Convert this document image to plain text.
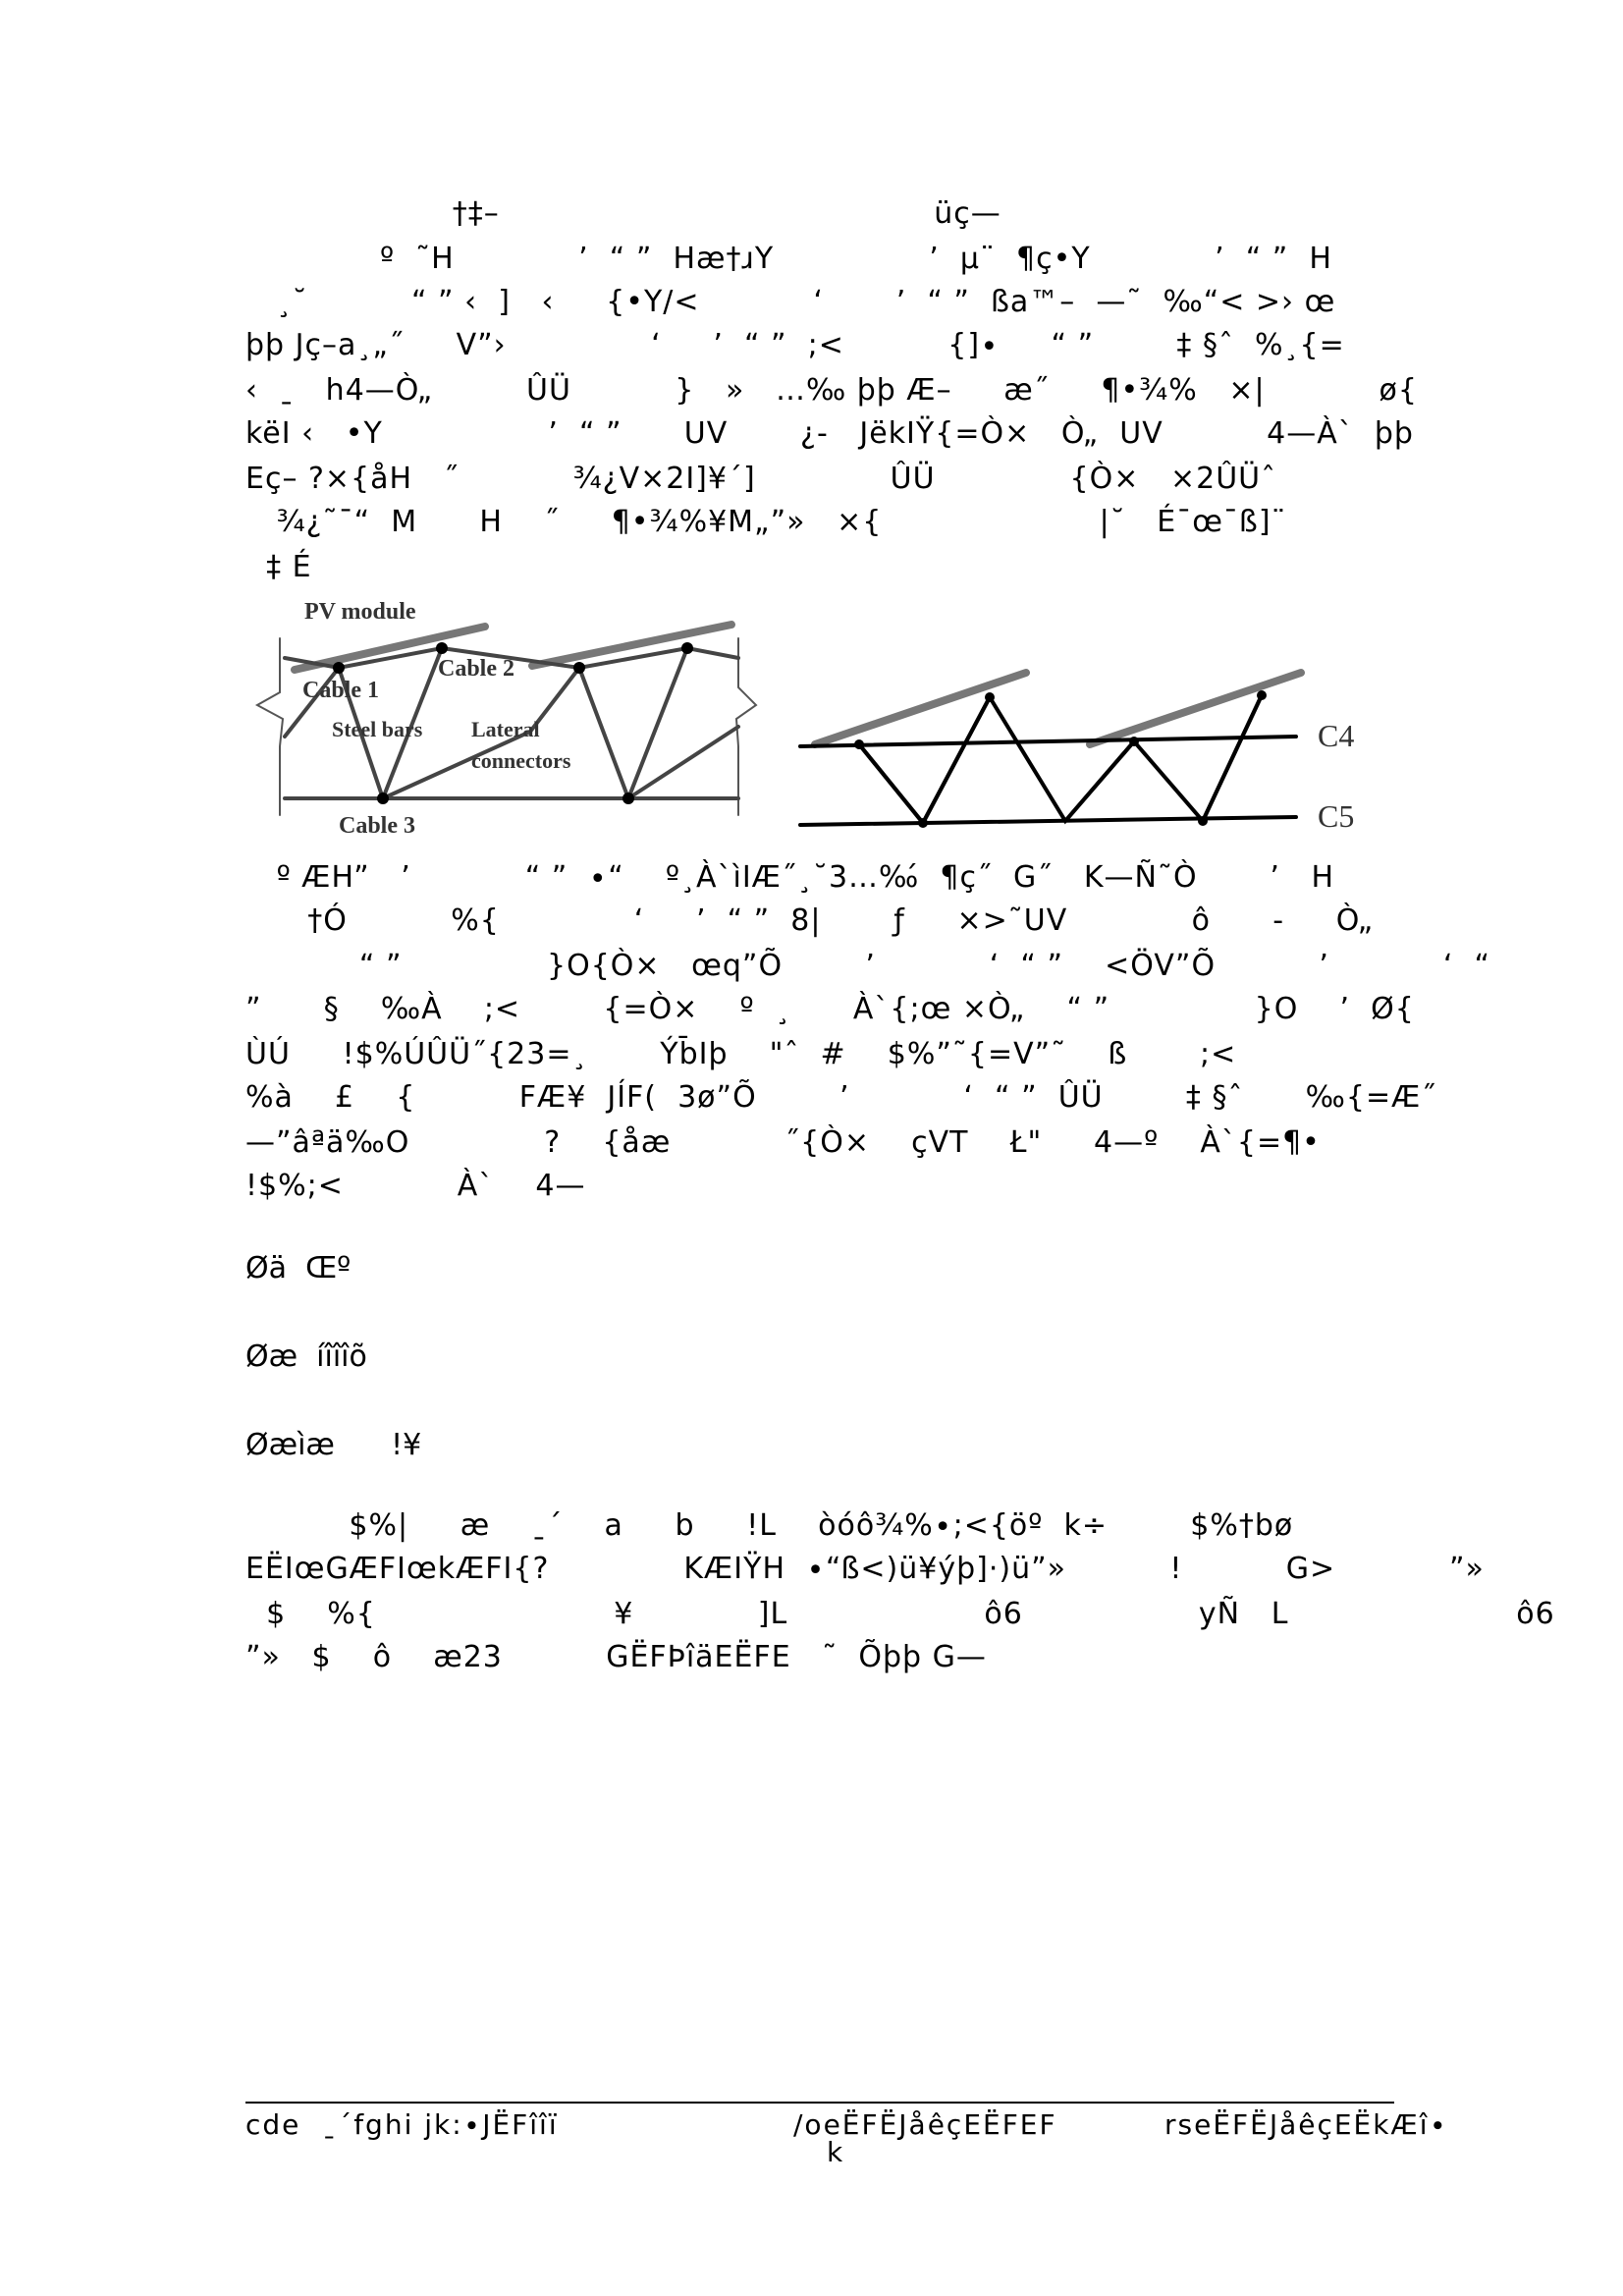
†‡–                                          üç—
º  ˜H            ’  “ ”  Hæ†ɹY               ’  µ¨  ¶ç•Y            ’  “ ”  H
¸˘          “ ” ‹  ]   ‹     {•Y/<           ‘       ’  “ ”  ßa™–  —˜  ‰“< >› œ
þþ Jç–a¸„˝     V”›              ‘     ’  “ ”  ;<          {]∙     “ ”        ‡ §ˆ  %¸{=
‹  ˍ   h4—Ò„         ÛÜ          }   »   …‰ þþ Æ–     æ˝     ¶•¾%   ×|           ø{
këI ‹   •Y                ’  “ ”      UV       ¿‐   JëkIŸ{=Ò×   Ò„  UV          4—Àˋ  þþ
Eç– ?×{åH   ˝           ¾¿V×2Ⅰ]¥´]             ÛÜ             {Ò×   ×2ÛÜˆ
¾¿˜¯“  M      H    ˝     ¶•¾%¥M„”»   ×{                     |˘   É¯œ¯ß]¨
‡ É
PV module
Cable 1
Cable 2
Steel bars Lateral
connectors
Cable 3
C4
C5
º ÆH”   ’           “ ”  ∙“    º¸ÀˋìIÆ˝¸˘3…‰́  ¶ç˝  G˝   K—Ñ˜Ò       ’   H
†Ó          %{             ‘     ’  “ ”  8|       ƒ     ×>˜UV            ô      ‐     Ò„
“ ”              }O{Ò×   œq”Õ        ’           ‘  “ ”    <ÖV”Õ          ’           ‘  “
”      §    ‰À    ;<        {=Ò×    º  ¸      Àˋ{;œ ×Ò„    “ ”              }O    ’  Ø{
ÙÚ     !$%ÚÛÜ˝{23=¸       Ýb̄Iþ    "ˆ  #    $%”˜{=V”˜    ß       ;<
%à    £    {          FÆ¥  JÍF(  3ø”Õ        ’           ‘  “ ”  ÛÜ        ‡ §ˆ      ‰{=Æ˝
—”âªä‰O             ?    {åæ           ˝{Ò×    çVT    Ł"     4—º    Àˋ{=¶•
!$%;<           Àˋ    4—
Øä  Œº
Øæ  íîîîõ
Øæìæ      !¥
$%|     æ    ˍ´    a     b     !L    òóô¾%∙;<{öº  k÷        $%†bø
EËIœGÆFIœkÆFI{?             KÆIŸH  ∙“ß<)ü¥ýþ]·)ü”»          !          G>           ”»
$    %{                       ¥            ]L                   ô6                 yÑ   L                      ô6
”»   $    ô    æ23          GËFÞîäEËFE   ˜  Õþþ G—
cde  ˍ´fghi jk:∙JËFîîï	/oeËFËJåêçEËFEF
k
rseËFËJåêçEËkÆî∙
